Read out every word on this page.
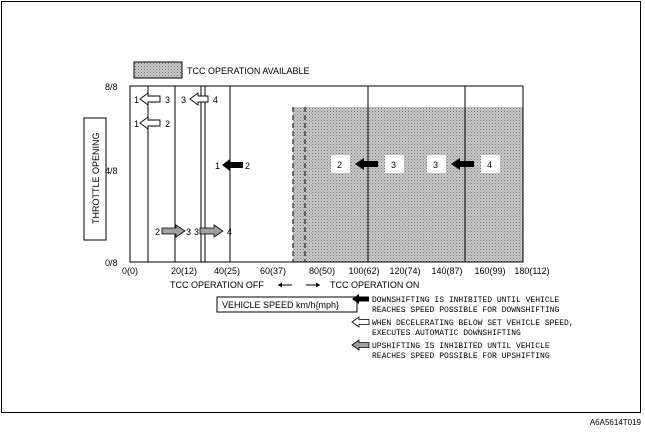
TCC OPERATION AVAILABLE
THROTTLE OPENING
8/8
4/8
0/8
0(0)	20(12) 40(25) 60(37)	80(50) 100(62) 120(74) 140(87) 160(99) 180(112)
TCC OPERATION OFF	TCC OPERATION ON
VEHICLE SPEED km/h{mph}
1	3 3	4
1	2
1	2	2	3	3	4
2	3 3	4
DOWNSHIFTING IS INHIBITED UNTIL VEHICLE
REACHES SPEED POSSIBLE FOR DOWNSHIFTING
WHEN DECELERATING BELOW SET VEHICLE SPEED,
EXECUTES AUTOMATIC DOWNSHIFTING
UPSHIFTING IS INHIBITED UNTIL VEHICLE
REACHES SPEED POSSIBLE FOR UPSHIFTING
A6A5614T019
